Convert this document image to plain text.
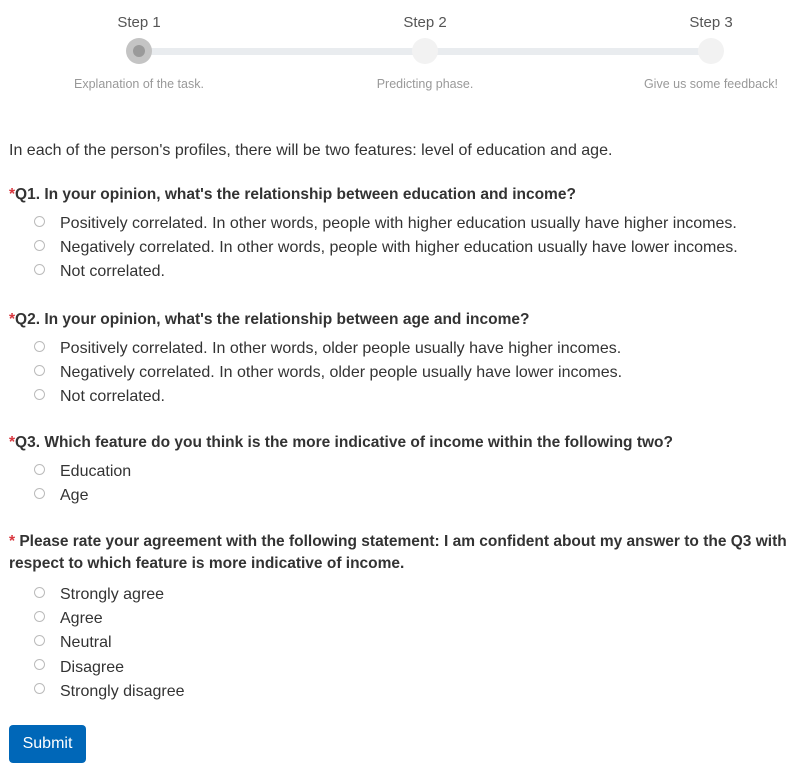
Step 1
Explanation of the task.
Step 2
Predicting phase.
Step 3
Give us some feedback!
In each of the person's profiles, there will be two features: level of education and age.
*Q1. In your opinion, what's the relationship between education and income?
Positively correlated. In other words, people with higher education usually have higher incomes.
Negatively correlated. In other words, people with higher education usually have lower incomes.
Not correlated.
*Q2. In your opinion, what's the relationship between age and income?
Positively correlated. In other words, older people usually have higher incomes.
Negatively correlated. In other words, older people usually have lower incomes.
Not correlated.
*Q3. Which feature do you think is the more indicative of income within the following two?
Education
Age
* Please rate your agreement with the following statement: I am confident about my answer to the Q3 with respect to which feature is more indicative of income.
Strongly agree
Agree
Neutral
Disagree
Strongly disagree
Submit
